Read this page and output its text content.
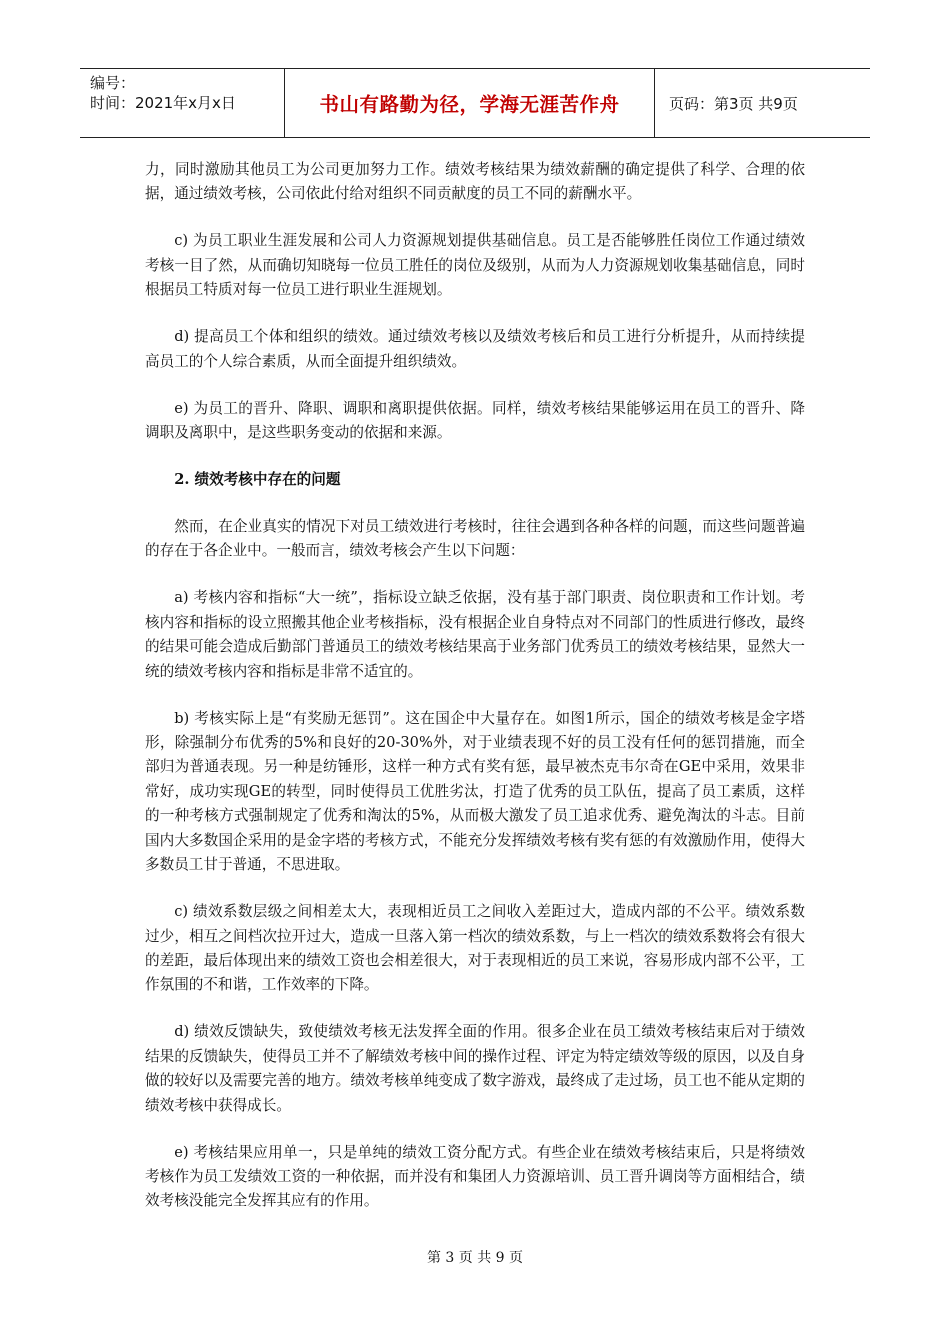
编号：
时间：2021年x月x日	书山有路勤为径，学海无涯苦作舟	页码：第3页 共9页

力，同时激励其他员工为公司更加努力工作。绩效考核结果为绩效薪酬的确定提供了科学、合理的依据，通过绩效考核，公司依此付给对组织不同贡献度的员工不同的薪酬水平。

c) 为员工职业生涯发展和公司人力资源规划提供基础信息。员工是否能够胜任岗位工作通过绩效考核一目了然，从而确切知晓每一位员工胜任的岗位及级别，从而为人力资源规划收集基础信息，同时根据员工特质对每一位员工进行职业生涯规划。

d) 提高员工个体和组织的绩效。通过绩效考核以及绩效考核后和员工进行分析提升，从而持续提高员工的个人综合素质，从而全面提升组织绩效。

e) 为员工的晋升、降职、调职和离职提供依据。同样，绩效考核结果能够运用在员工的晋升、降调职及离职中，是这些职务变动的依据和来源。

2. 绩效考核中存在的问题

然而，在企业真实的情况下对员工绩效进行考核时，往往会遇到各种各样的问题，而这些问题普遍的存在于各企业中。一般而言，绩效考核会产生以下问题：

a) 考核内容和指标“大一统”，指标设立缺乏依据，没有基于部门职责、岗位职责和工作计划。考核内容和指标的设立照搬其他企业考核指标，没有根据企业自身特点对不同部门的性质进行修改，最终的结果可能会造成后勤部门普通员工的绩效考核结果高于业务部门优秀员工的绩效考核结果，显然大一统的绩效考核内容和指标是非常不适宜的。

b) 考核实际上是“有奖励无惩罚”。这在国企中大量存在。如图1所示，国企的绩效考核是金字塔形，除强制分布优秀的5%和良好的20-30%外，对于业绩表现不好的员工没有任何的惩罚措施，而全部归为普通表现。另一种是纺锤形，这样一种方式有奖有惩，最早被杰克韦尔奇在GE中采用，效果非常好，成功实现GE的转型，同时使得员工优胜劣汰，打造了优秀的员工队伍，提高了员工素质，这样的一种考核方式强制规定了优秀和淘汰的5%，从而极大激发了员工追求优秀、避免淘汰的斗志。目前国内大多数国企采用的是金字塔的考核方式，不能充分发挥绩效考核有奖有惩的有效激励作用，使得大多数员工甘于普通，不思进取。

c) 绩效系数层级之间相差太大，表现相近员工之间收入差距过大，造成内部的不公平。绩效系数过少，相互之间档次拉开过大，造成一旦落入第一档次的绩效系数，与上一档次的绩效系数将会有很大的差距，最后体现出来的绩效工资也会相差很大，对于表现相近的员工来说，容易形成内部不公平，工作氛围的不和谐，工作效率的下降。

d) 绩效反馈缺失，致使绩效考核无法发挥全面的作用。很多企业在员工绩效考核结束后对于绩效结果的反馈缺失，使得员工并不了解绩效考核中间的操作过程、评定为特定绩效等级的原因，以及自身做的较好以及需要完善的地方。绩效考核单纯变成了数字游戏，最终成了走过场，员工也不能从定期的绩效考核中获得成长。

e) 考核结果应用单一，只是单纯的绩效工资分配方式。有些企业在绩效考核结束后，只是将绩效考核作为员工发绩效工资的一种依据，而并没有和集团人力资源培训、员工晋升调岗等方面相结合，绩效考核没能完全发挥其应有的作用。

第 3 页 共 9 页
